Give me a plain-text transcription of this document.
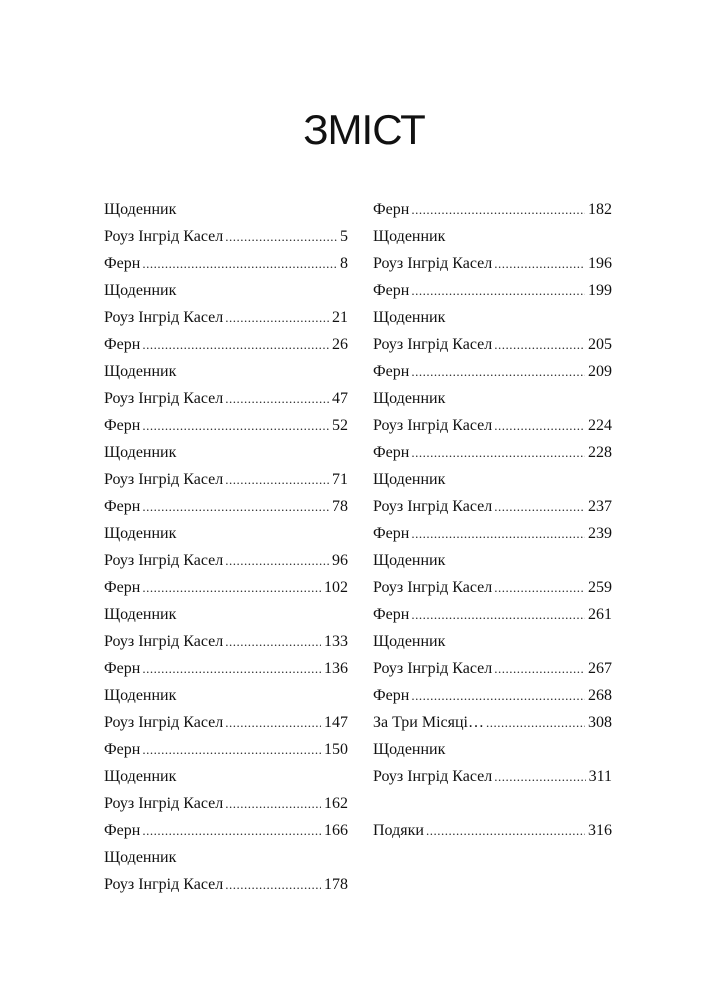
ЗМІСТ
Щоденник
Роуз Інгрід Касел .....	5
Ферн .....	8
Щоденник
Роуз Інгрід Касел .....	21
Ферн .....	26
Щоденник
Роуз Інгрід Касел .....	47
Ферн .....	52
Щоденник
Роуз Інгрід Касел .....	71
Ферн .....	78
Щоденник
Роуз Інгрід Касел .....	96
Ферн .....	102
Щоденник
Роуз Інгрід Касел .....	133
Ферн .....	136
Щоденник
Роуз Інгрід Касел .....	147
Ферн .....	150
Щоденник
Роуз Інгрід Касел .....	162
Ферн .....	166
Щоденник
Роуз Інгрід Касел .....	178
Ферн .....	182
Щоденник
Роуз Інгрід Касел .....	196
Ферн .....	199
Щоденник
Роуз Інгрід Касел .....	205
Ферн .....	209
Щоденник
Роуз Інгрід Касел .....	224
Ферн .....	228
Щоденник
Роуз Інгрід Касел .....	237
Ферн .....	239
Щоденник
Роуз Інгрід Касел .....	259
Ферн .....	261
Щоденник
Роуз Інгрід Касел .....	267
Ферн .....	268
За Три Місяці… .....	308
Щоденник
Роуз Інгрід Касел .....	311
Подяки .....	316
